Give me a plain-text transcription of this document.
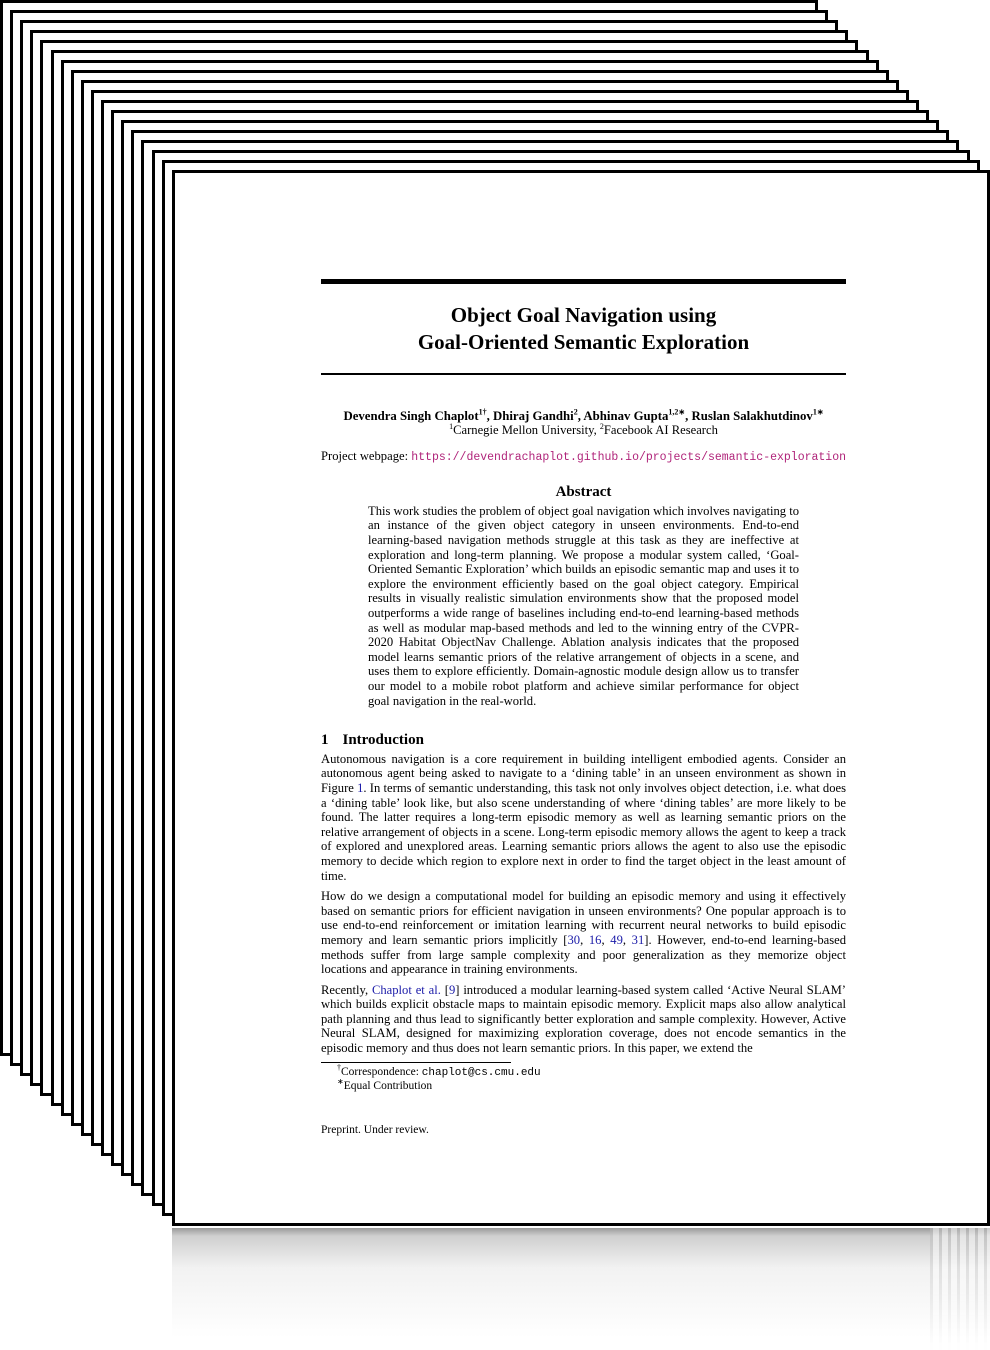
Object Goal Navigation using
Goal-Oriented Semantic Exploration
Devendra Singh Chaplot$^{1\dagger}$, Dhiraj Gandhi$^2$, Abhinav Gupta$^{1,2∗}$, Ruslan Salakhutdinov$^{1∗}$
$^1$Carnegie Mellon University, $^2$Facebook AI Research
Project webpage: https://devendrachaplot.github.io/projects/semantic-exploration
Abstract
This work studies the problem of object goal navigation which involves navigating to an instance of the given object category in unseen environments. End-to-end learning-based navigation methods struggle at this task as they are ineffective at exploration and long-term planning. We propose a modular system called, ‘Goal-Oriented Semantic Exploration’ which builds an episodic semantic map and uses it to explore the environment efficiently based on the goal object category. Empirical results in visually realistic simulation environments show that the proposed model outperforms a wide range of baselines including end-to-end learning-based methods as well as modular map-based methods and led to the winning entry of the CVPR-2020 Habitat ObjectNav Challenge. Ablation analysis indicates that the proposed model learns semantic priors of the relative arrangement of objects in a scene, and uses them to explore efficiently. Domain-agnostic module design allow us to transfer our model to a mobile robot platform and achieve similar performance for object goal navigation in the real-world.
1 Introduction

Autonomous navigation is a core requirement in building intelligent embodied agents. Consider an autonomous agent being asked to navigate to a ‘dining table’ in an unseen environment as shown in Figure 1. In terms of semantic understanding, this task not only involves object detection, i.e. what does a ‘dining table’ look like, but also scene understanding of where ‘dining tables’ are more likely to be found. The latter requires a long-term episodic memory as well as learning semantic priors on the relative arrangement of objects in a scene. Long-term episodic memory allows the agent to keep a track of explored and unexplored areas. Learning semantic priors allows the agent to also use the episodic memory to decide which region to explore next in order to find the target object in the least amount of time.

How do we design a computational model for building an episodic memory and using it effectively based on semantic priors for efficient navigation in unseen environments? One popular approach is to use end-to-end reinforcement or imitation learning with recurrent neural networks to build episodic memory and learn semantic priors implicitly [30, 16, 49, 31]. However, end-to-end learning-based methods suffer from large sample complexity and poor generalization as they memorize object locations and appearance in training environments.

Recently, Chaplot et al. [9] introduced a modular learning-based system called ‘Active Neural SLAM’ which builds explicit obstacle maps to maintain episodic memory. Explicit maps also allow analytical path planning and thus lead to significantly better exploration and sample complexity. However, Active Neural SLAM, designed for maximizing exploration coverage, does not encode semantics in the episodic memory and thus does not learn semantic priors. In this paper, we extend the

†Correspondence: chaplot@cs.cmu.edu
∗Equal Contribution
Preprint. Under review.
